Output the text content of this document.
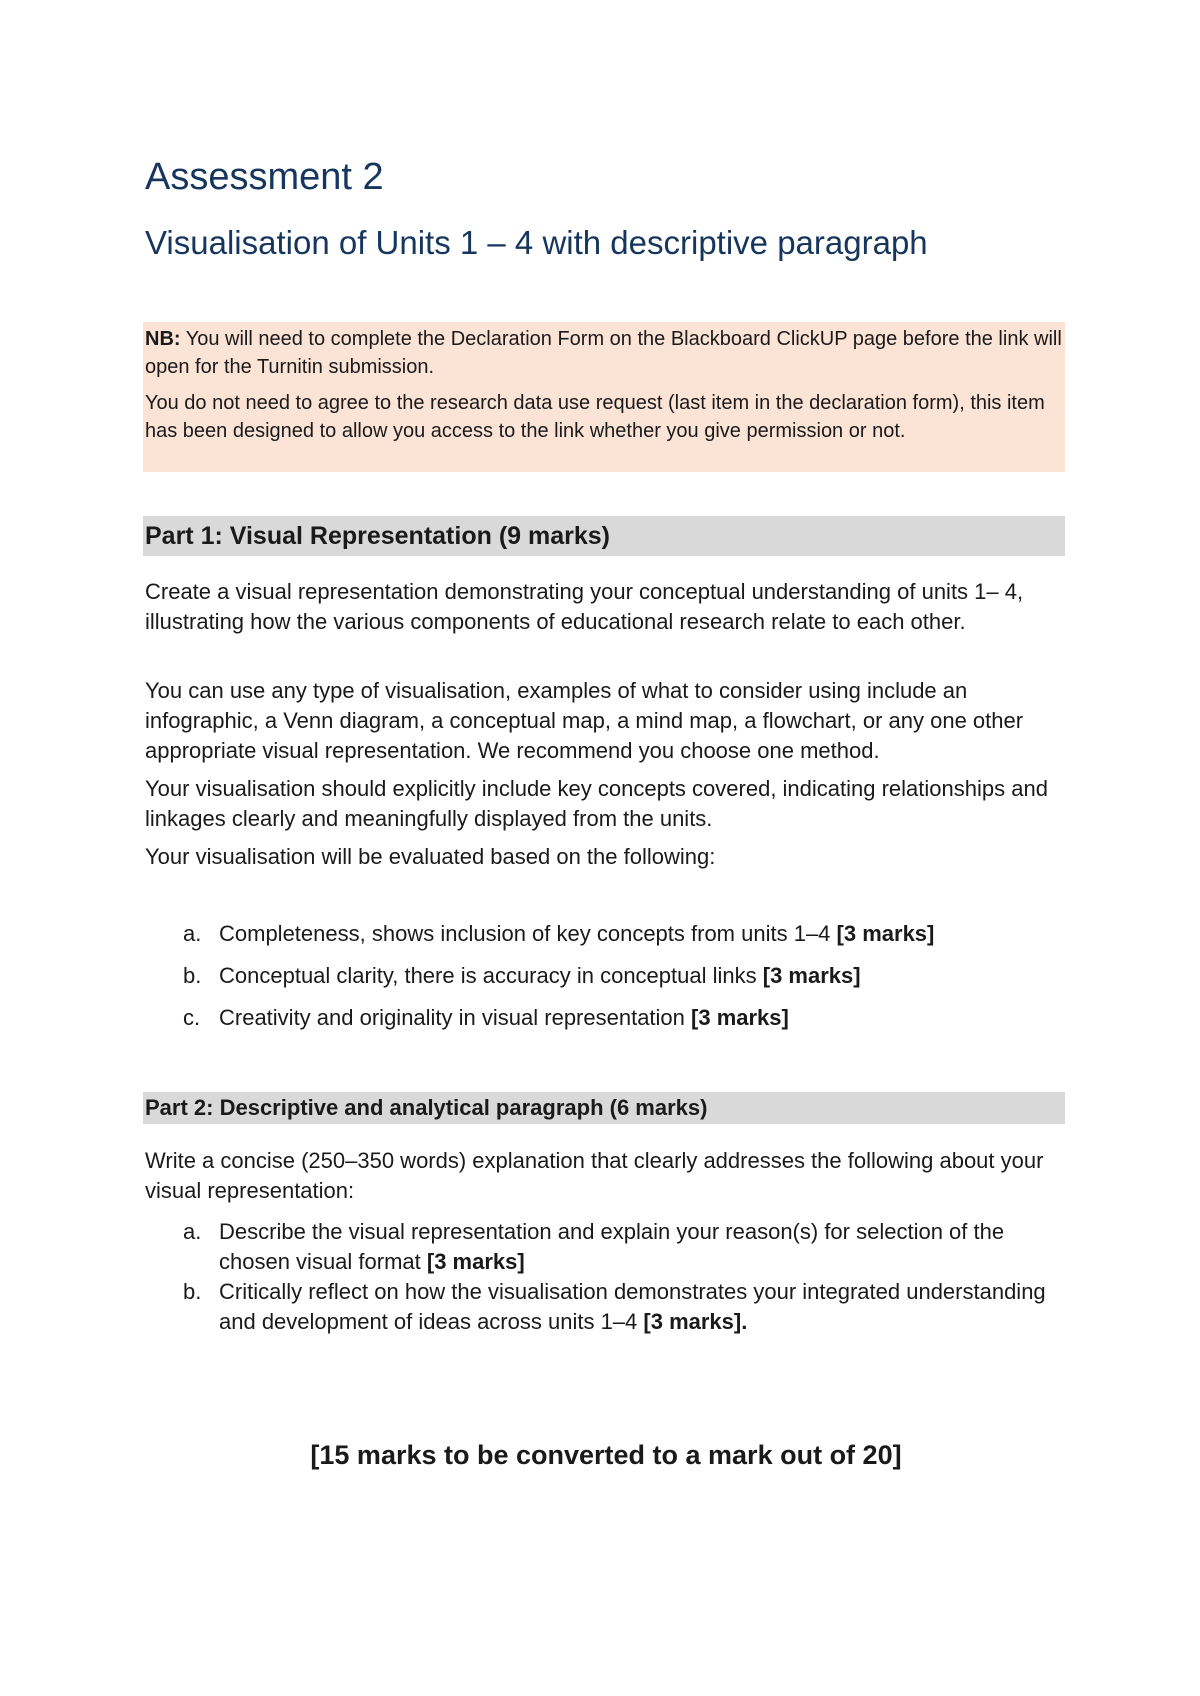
Assessment 2
Visualisation of Units 1 – 4 with descriptive paragraph

NB: You will need to complete the Declaration Form on the Blackboard ClickUP page before the link will open for the Turnitin submission.

You do not need to agree to the research data use request (last item in the declaration form), this item has been designed to allow you access to the link whether you give permission or not.

Part 1: Visual Representation (9 marks)

Create a visual representation demonstrating your conceptual understanding of units 1– 4, illustrating how the various components of educational research relate to each other.

You can use any type of visualisation, examples of what to consider using include an infographic, a Venn diagram, a conceptual map, a mind map, a flowchart, or any one other appropriate visual representation. We recommend you choose one method.

Your visualisation should explicitly include key concepts covered, indicating relationships and linkages clearly and meaningfully displayed from the units.

Your visualisation will be evaluated based on the following:

a. Completeness, shows inclusion of key concepts from units 1–4 [3 marks]
b. Conceptual clarity, there is accuracy in conceptual links [3 marks]
c. Creativity and originality in visual representation [3 marks]
Part 2: Descriptive and analytical paragraph (6 marks)

Write a concise (250–350 words) explanation that clearly addresses the following about your visual representation:

a. Describe the visual representation and explain your reason(s) for selection of the chosen visual format [3 marks]
b. Critically reflect on how the visualisation demonstrates your integrated understanding and development of ideas across units 1–4 [3 marks].

[15 marks to be converted to a mark out of 20]
